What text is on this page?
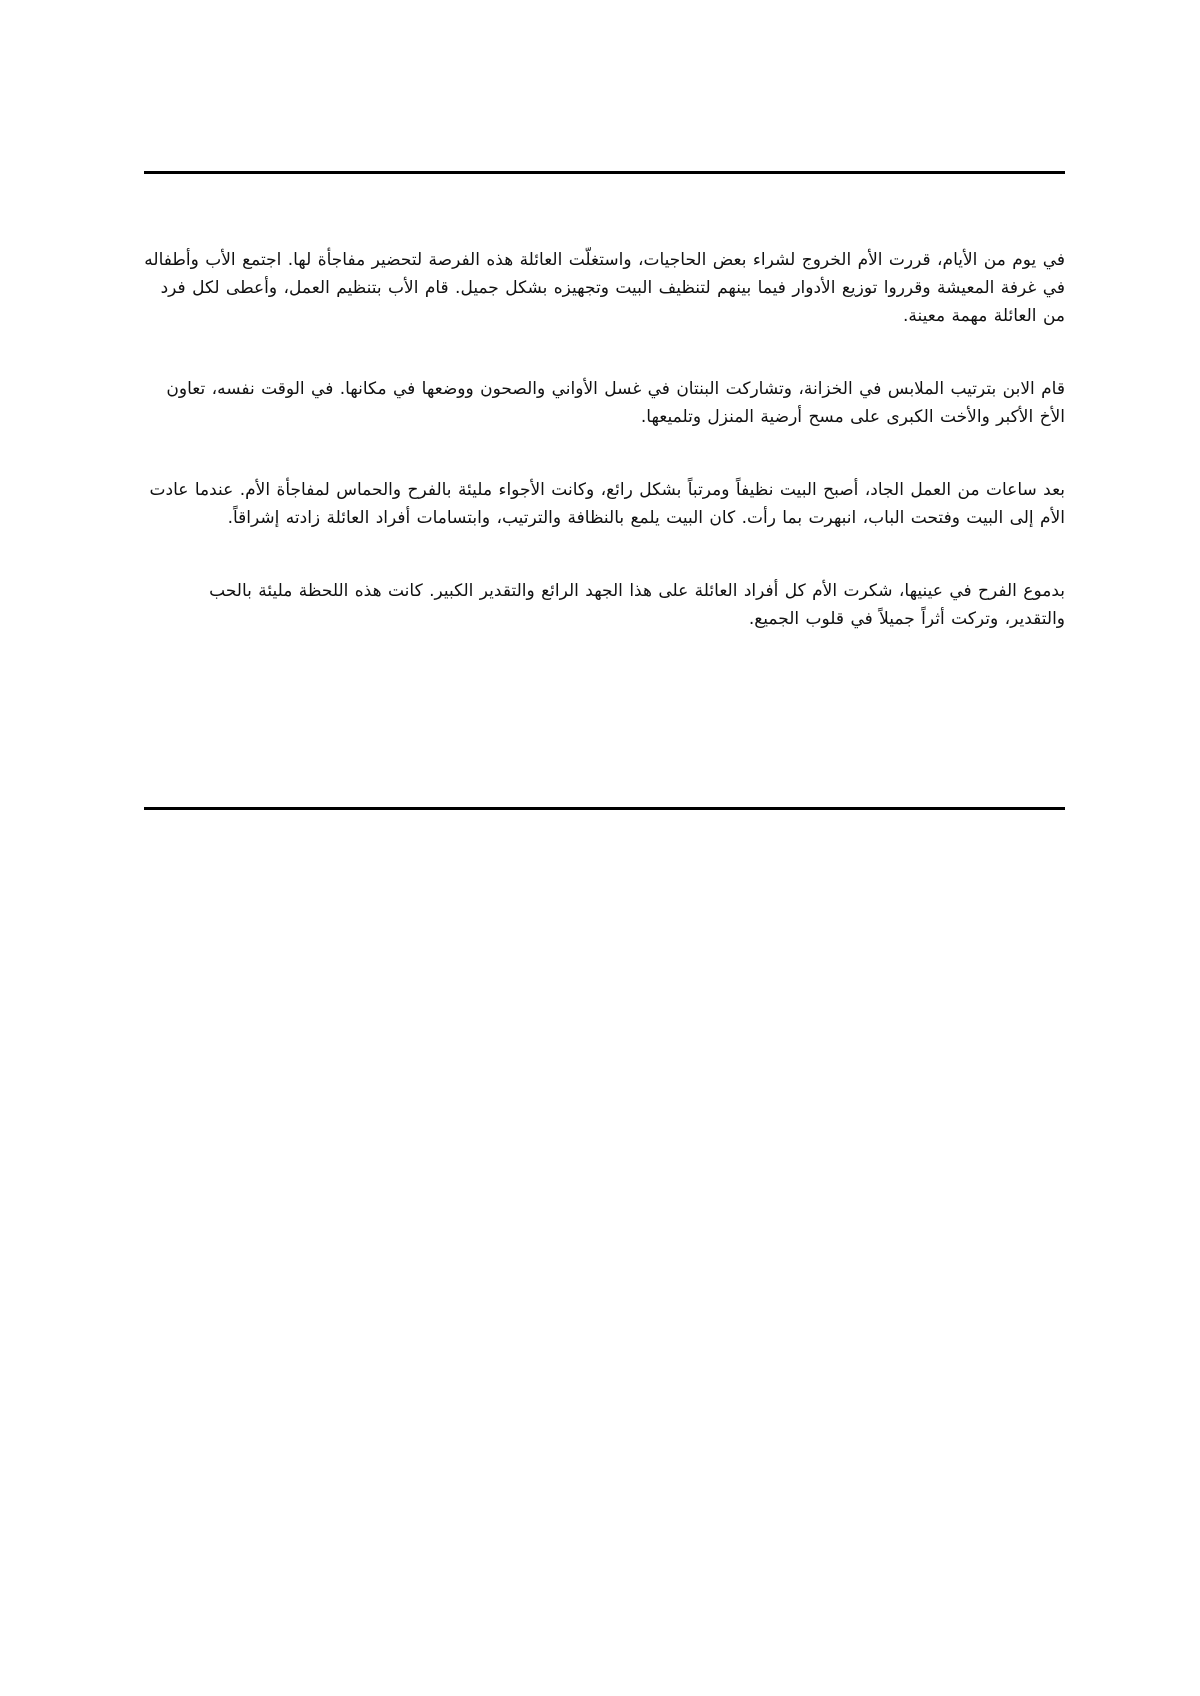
في يوم من الأيام، قررت الأم الخروج لشراء بعض الحاجيات، واستغلّت العائلة هذه الفرصة لتحضير مفاجأة لها. اجتمع الأب وأطفاله في غرفة المعيشة وقرروا توزيع الأدوار فيما بينهم لتنظيف البيت وتجهيزه بشكل جميل. قام الأب بتنظيم العمل، وأعطى لكل فرد من العائلة مهمة معينة.

قام الابن بترتيب الملابس في الخزانة، وتشاركت البنتان في غسل الأواني والصحون ووضعها في مكانها. في الوقت نفسه، تعاون الأخ الأكبر والأخت الكبرى على مسح أرضية المنزل وتلميعها.

بعد ساعات من العمل الجاد، أصبح البيت نظيفاً ومرتباً بشكل رائع، وكانت الأجواء مليئة بالفرح والحماس لمفاجأة الأم. عندما عادت الأم إلى البيت وفتحت الباب، انبهرت بما رأت. كان البيت يلمع بالنظافة والترتيب، وابتسامات أفراد العائلة زادته إشراقاً.

بدموع الفرح في عينيها، شكرت الأم كل أفراد العائلة على هذا الجهد الرائع والتقدير الكبير. كانت هذه اللحظة مليئة بالحب والتقدير، وتركت أثراً جميلاً في قلوب الجميع.
